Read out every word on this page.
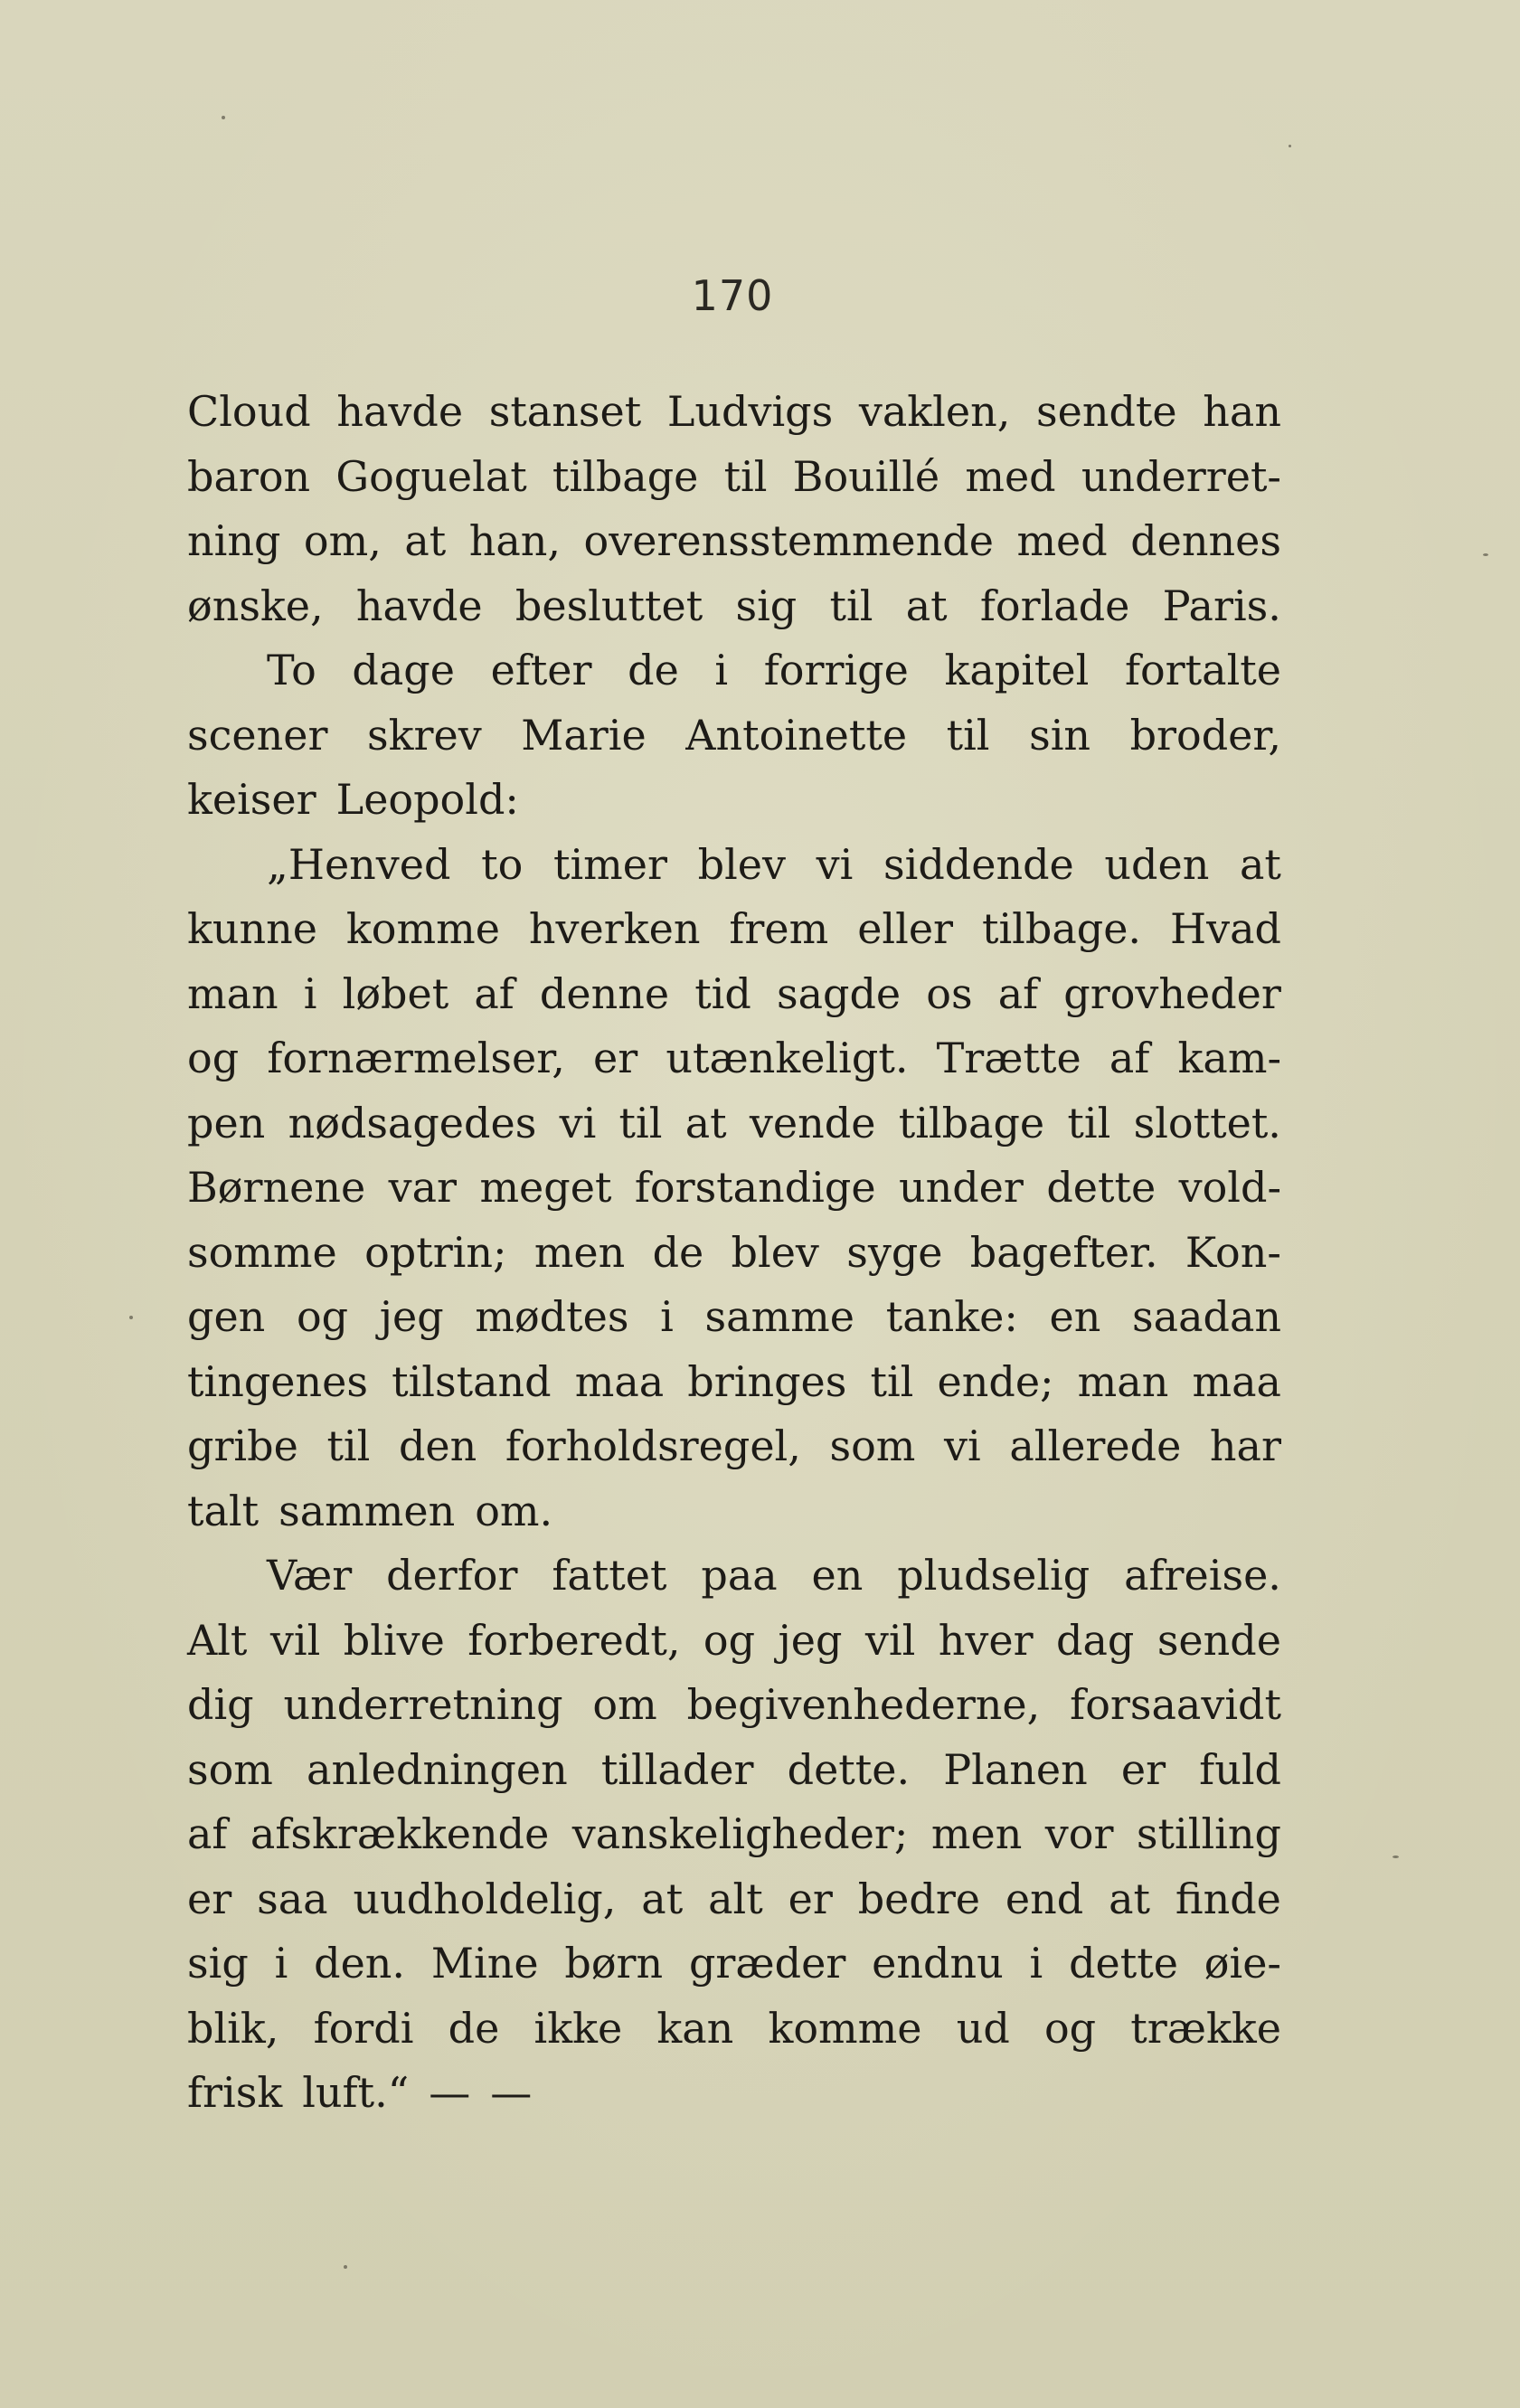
170
Cloud havde stanset Ludvigs vaklen, sendte han
baron Goguelat tilbage til Bouillé med underret-
ning om, at han, overensstemmende med dennes
ønske, havde besluttet sig til at forlade Paris.
To dage efter de i forrige kapitel fortalte
scener skrev Marie Antoinette til sin broder,
keiser Leopold:
„Henved to timer blev vi siddende uden at
kunne komme hverken frem eller tilbage. Hvad
man i løbet af denne tid sagde os af grovheder
og fornærmelser, er utænkeligt. Trætte af kam-
pen nødsagedes vi til at vende tilbage til slottet.
Børnene var meget forstandige under dette vold-
somme optrin; men de blev syge bagefter. Kon-
gen og jeg mødtes i samme tanke: en saadan
tingenes tilstand maa bringes til ende; man maa
gribe til den forholdsregel, som vi allerede har
talt sammen om.
Vær derfor fattet paa en pludselig afreise.
Alt vil blive forberedt, og jeg vil hver dag sende
dig underretning om begivenhederne, forsaavidt
som anledningen tillader dette. Planen er fuld
af afskrækkende vanskeligheder; men vor stilling
er saa uudholdelig, at alt er bedre end at finde
sig i den. Mine børn græder endnu i dette øie-
blik, fordi de ikke kan komme ud og trække
frisk luft.“ — —
